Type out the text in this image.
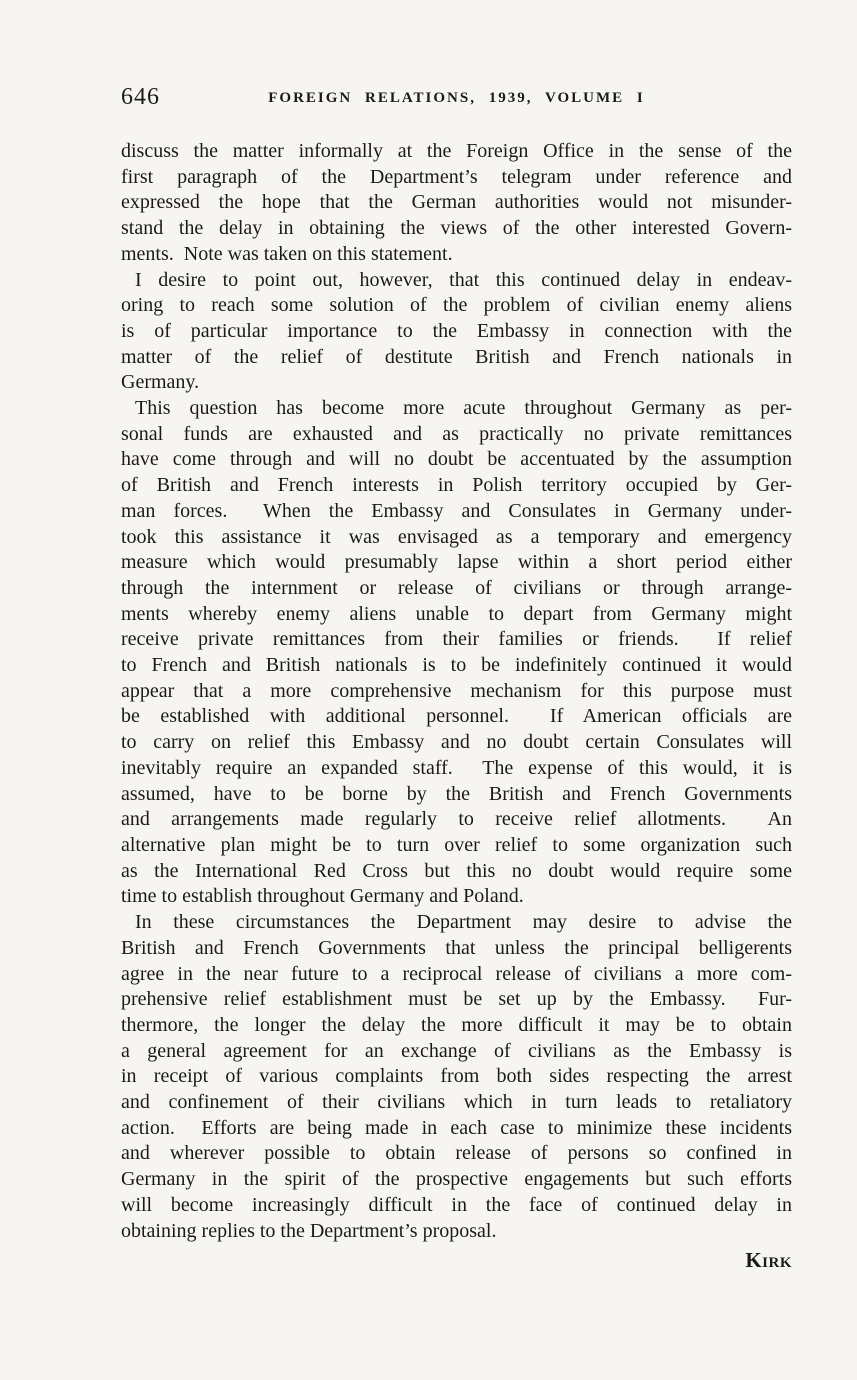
646	FOREIGN RELATIONS, 1939, VOLUME I
discuss the matter informally at the Foreign Office in the sense of the
first paragraph of the Department’s telegram under reference and
expressed the hope that the German authorities would not misunder-
stand the delay in obtaining the views of the other interested Govern-
ments.  Note was taken on this statement.
I desire to point out, however, that this continued delay in endeav-
oring to reach some solution of the problem of civilian enemy aliens
is of particular importance to the Embassy in connection with the
matter of the relief of destitute British and French nationals in
Germany.
This question has become more acute throughout Germany as per-
sonal funds are exhausted and as practically no private remittances
have come through and will no doubt be accentuated by the assumption
of British and French interests in Polish territory occupied by Ger-
man forces.  When the Embassy and Consulates in Germany under-
took this assistance it was envisaged as a temporary and emergency
measure which would presumably lapse within a short period either
through the internment or release of civilians or through arrange-
ments whereby enemy aliens unable to depart from Germany might
receive private remittances from their families or friends.  If relief
to French and British nationals is to be indefinitely continued it would
appear that a more comprehensive mechanism for this purpose must
be established with additional personnel.  If American officials are
to carry on relief this Embassy and no doubt certain Consulates will
inevitably require an expanded staff.  The expense of this would, it is
assumed, have to be borne by the British and French Governments
and arrangements made regularly to receive relief allotments.  An
alternative plan might be to turn over relief to some organization such
as the International Red Cross but this no doubt would require some
time to establish throughout Germany and Poland.
In these circumstances the Department may desire to advise the
British and French Governments that unless the principal belligerents
agree in the near future to a reciprocal release of civilians a more com-
prehensive relief establishment must be set up by the Embassy.  Fur-
thermore, the longer the delay the more difficult it may be to obtain
a general agreement for an exchange of civilians as the Embassy is
in receipt of various complaints from both sides respecting the arrest
and confinement of their civilians which in turn leads to retaliatory
action.  Efforts are being made in each case to minimize these incidents
and wherever possible to obtain release of persons so confined in
Germany in the spirit of the prospective engagements but such efforts
will become increasingly difficult in the face of continued delay in
obtaining replies to the Department’s proposal.
Kirk
